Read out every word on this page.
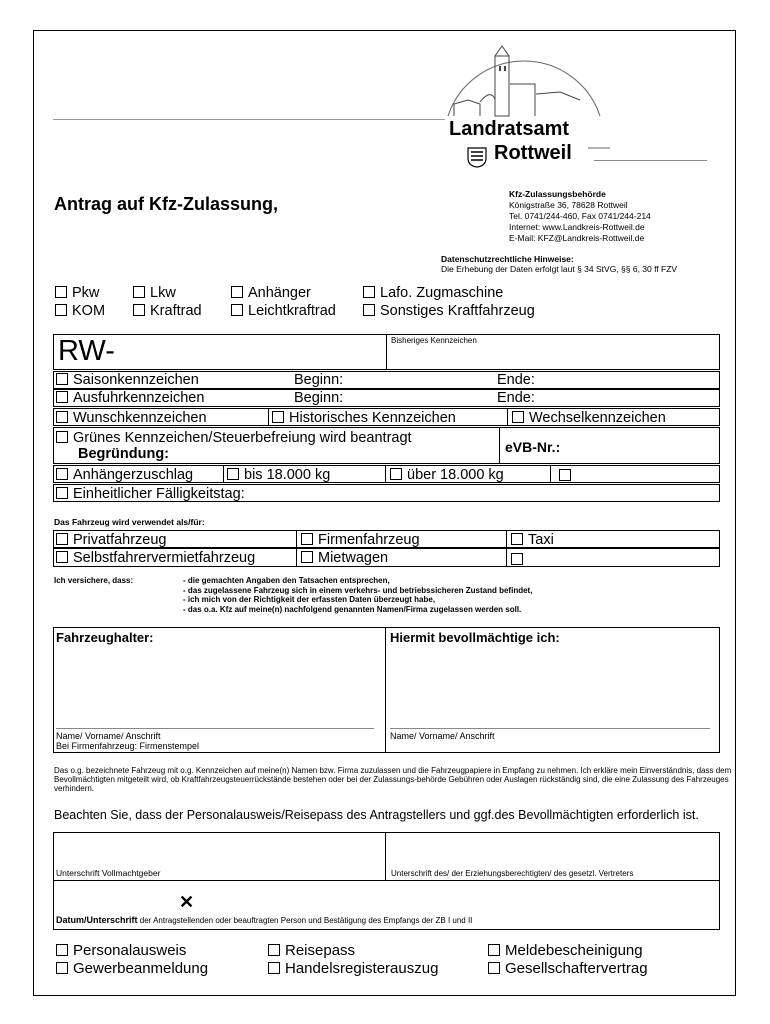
Landratsamt
Rottweil
Antrag auf Kfz-Zulassung,	Kfz-Zulassungsbehörde
Königstraße 36, 78628 Rottweil
Tel. 0741/244-460, Fax 0741/244-214
Internet: www.Landkreis-Rottweil.de
E-Mail: KFZ@Landkreis-Rottweil.de
Datenschutzrechtliche Hinweise:
Die Erhebung der Daten erfolgt laut § 34 StVG, §§ 6, 30 ff FZV
Pkw	Lkw	Anhänger	Lafo. Zugmaschine
KOM	Kraftrad	Leichtkraftrad	Sonstiges Kraftfahrzeug
RW-	Bisheriges Kennzeichen
Saisonkennzeichen	Beginn:	Ende:
Ausfuhrkennzeichen	Beginn:	Ende:
Wunschkennzeichen	Historisches Kennzeichen	Wechselkennzeichen
Grünes Kennzeichen/Steuerbefreiung wird beantragt
Begründung:	eVB-Nr.:
Anhängerzuschlag	bis 18.000 kg	über 18.000 kg
Einheitlicher Fälligkeitstag:
Das Fahrzeug wird verwendet als/für:
Privatfahrzeug	Firmenfahrzeug	Taxi
Selbstfahrervermietfahrzeug	Mietwagen
Ich versichere, dass:	- die gemachten Angaben den Tatsachen entsprechen,
- das zugelassene Fahrzeug sich in einem verkehrs- und betriebssicheren Zustand befindet,
- ich mich von der Richtigkeit der erfassten Daten überzeugt habe,
- das o.a. Kfz auf meine(n) nachfolgend genannten Namen/Firma zugelassen werden soll.
Fahrzeughalter:	Hiermit bevollmächtige ich:
Name/ Vorname/ Anschrift
Bei Firmenfahrzeug: Firmenstempel
Name/ Vorname/ Anschrift
Das o.g. bezeichnete Fahrzeug mit o.g. Kennzeichen auf meine(n) Namen bzw. Firma zuzulassen und die Fahrzeugpapiere in Empfang zu nehmen. Ich erkläre mein Einverständnis, dass dem Bevollmächtigten mitgeteilt wird, ob Kraftfahrzeugsteuerrückstände bestehen oder bei der Zulassungs-behörde Gebühren oder Auslagen rückständig sind, die eine Zulassung des Fahrzeuges verhindern.
Beachten Sie, dass der Personalausweis/Reisepass des Antragstellers und ggf.des Bevollmächtigten erforderlich ist.
Unterschrift Vollmachtgeber	Unterschrift des/ der Erziehungsberechtigten/ des gesetzl. Vertreters
✕
Datum/Unterschrift der Antragstellenden oder beauftragten Person und Bestätigung des Empfangs der ZB I und II
Personalausweis	Reisepass	Meldebescheinigung
Gewerbeanmeldung	Handelsregisterauszug	Gesellschaftervertrag
